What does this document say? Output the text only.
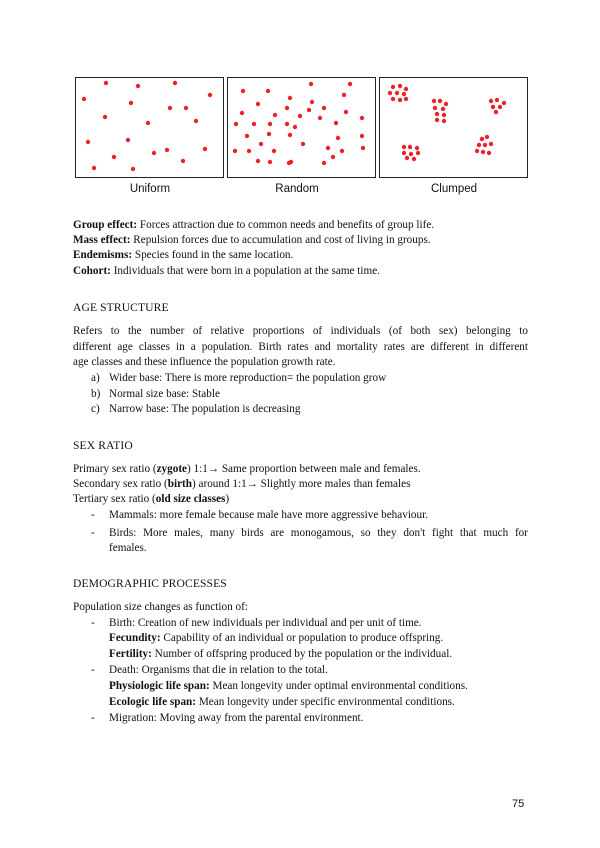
Uniform	Random	Clumped
Group effect: Forces attraction due to common needs and benefits of group life.
Mass effect: Repulsion forces due to accumulation and cost of living in groups.
Endemisms: Species found in the same location.
Cohort: Individuals that were born in a population at the same time.
AGE STRUCTURE
Refers to the number of relative proportions of individuals (of both sex) belonging to
different age classes in a population. Birth rates and mortality rates are different in different
age classes and these influence the population growth rate.
a) Wider base: There is more reproduction= the population grow
b) Normal size base: Stable
c) Narrow base: The population is decreasing
SEX RATIO
Primary sex ratio (zygote) 1:1→ Same proportion between male and females.
Secondary sex ratio (birth) around 1:1→ Slightly more males than females
Tertiary sex ratio (old size classes)
- Mammals: more female because male have more aggressive behaviour.
- Birds: More males, many birds are monogamous, so they don't fight that much for
females.
DEMOGRAPHIC PROCESSES
Population size changes as function of:
- Birth: Creation of new individuals per individual and per unit of time.
Fecundity: Capability of an individual or population to produce offspring.
Fertility: Number of offspring produced by the population or the individual.
- Death: Organisms that die in relation to the total.
Physiologic life span: Mean longevity under optimal environmental conditions.
Ecologic life span: Mean longevity under specific environmental conditions.
- Migration: Moving away from the parental environment.
75
